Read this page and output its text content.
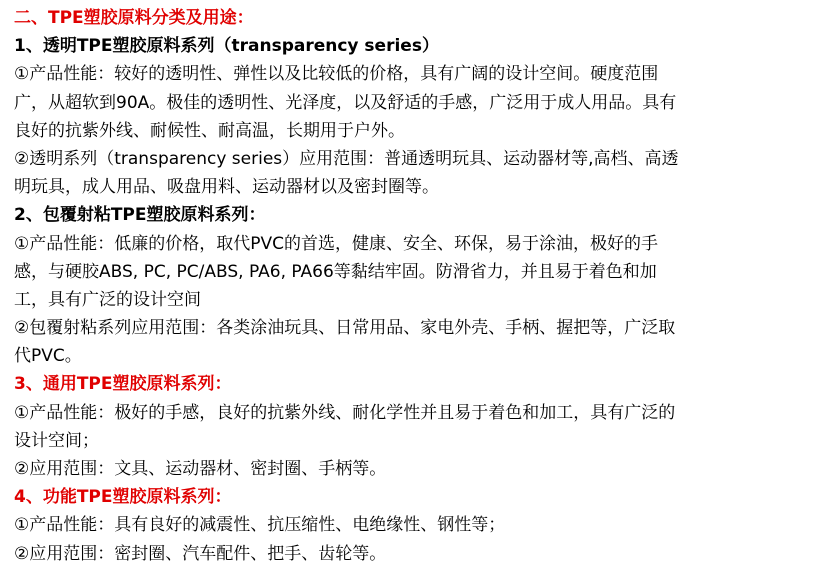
二、TPE塑胶原料分类及用途：
1、透明TPE塑胶原料系列（transparency series）
①产品性能：较好的透明性、弹性以及比较低的价格，具有广阔的设计空间。硬度范围
广，从超软到90A。极佳的透明性、光泽度，以及舒适的手感，广泛用于成人用品。具有
良好的抗紫外线、耐候性、耐高温，长期用于户外。
②透明系列（transparency series）应用范围：普通透明玩具、运动器材等,高档、高透
明玩具，成人用品、吸盘用料、运动器材以及密封圈等。
2、包覆射粘TPE塑胶原料系列：
①产品性能：低廉的价格，取代PVC的首选，健康、安全、环保，易于涂油，极好的手
感，与硬胶ABS, PC, PC/ABS, PA6, PA66等黏结牢固。防滑省力，并且易于着色和加
工，具有广泛的设计空间
②包覆射粘系列应用范围：各类涂油玩具、日常用品、家电外壳、手柄、握把等，广泛取
代PVC。
3、通用TPE塑胶原料系列：
①产品性能：极好的手感，良好的抗紫外线、耐化学性并且易于着色和加工，具有广泛的
设计空间；
②应用范围：文具、运动器材、密封圈、手柄等。
4、功能TPE塑胶原料系列：
①产品性能：具有良好的减震性、抗压缩性、电绝缘性、钢性等；
②应用范围：密封圈、汽车配件、把手、齿轮等。
